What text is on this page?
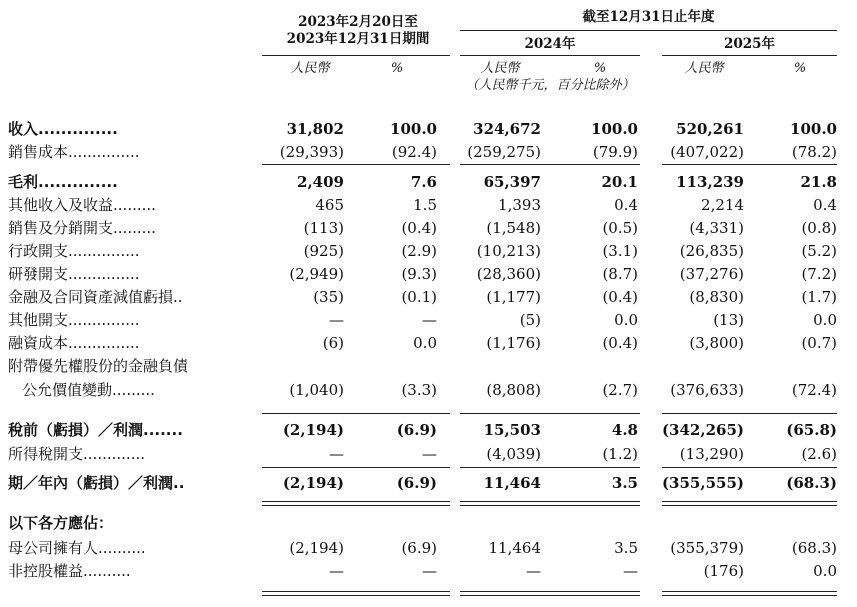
2023年2月20日至
2023年12月31日期間
截至12月31日止年度
2024年	2025年
人民幣	%	人民幣	%	人民幣	%
（人民幣千元，百分比除外）
收入..............	31,802	100.0 324,672	100.0	520,261	100.0
銷售成本...............	(29,393)	(92.4) (259,275)	(79.9) (407,022)	(78.2)
毛利..............	2,409	7.6	65,397	20.1	113,239	21.8
其他收入及收益.........	465	1.5	1,393	0.4	2,214	0.4
銷售及分銷開支.........	(113)	(0.4)	(1,548)	(0.5)	(4,331)	(0.8)
行政開支...............	(925)	(2.9)	(10,213)	(3.1)	(26,835)	(5.2)
研發開支...............	(2,949)	(9.3)	(28,360)	(8.7)	(37,276)	(7.2)
金融及合同資產減值虧損..	(35)	(0.1)	(1,177)	(0.4)	(8,830)	(1.7)
其他開支...............	—	—	(5)	0.0	(13)	0.0
融資成本...............	(6)	0.0	(1,176)	(0.4)	(3,800)	(0.7)
附帶優先權股份的金融負債
公允價值變動.........	(1,040)	(3.3)	(8,808)	(2.7) (376,633)	(72.4)
稅前（虧損）／利潤.......	(2,194)	(6.9)	15,503	4.8 (342,265)	(65.8)
所得稅開支.............	—	—	(4,039)	(1.2)	(13,290)	(2.6)
期／年內（虧損）／利潤..	(2,194)	(6.9)	11,464	3.5 (355,555)	(68.3)
以下各方應佔：
母公司擁有人..........	(2,194)	(6.9)	11,464	3.5 (355,379)	(68.3)
非控股權益..........	—	—	—	—	(176)	0.0
